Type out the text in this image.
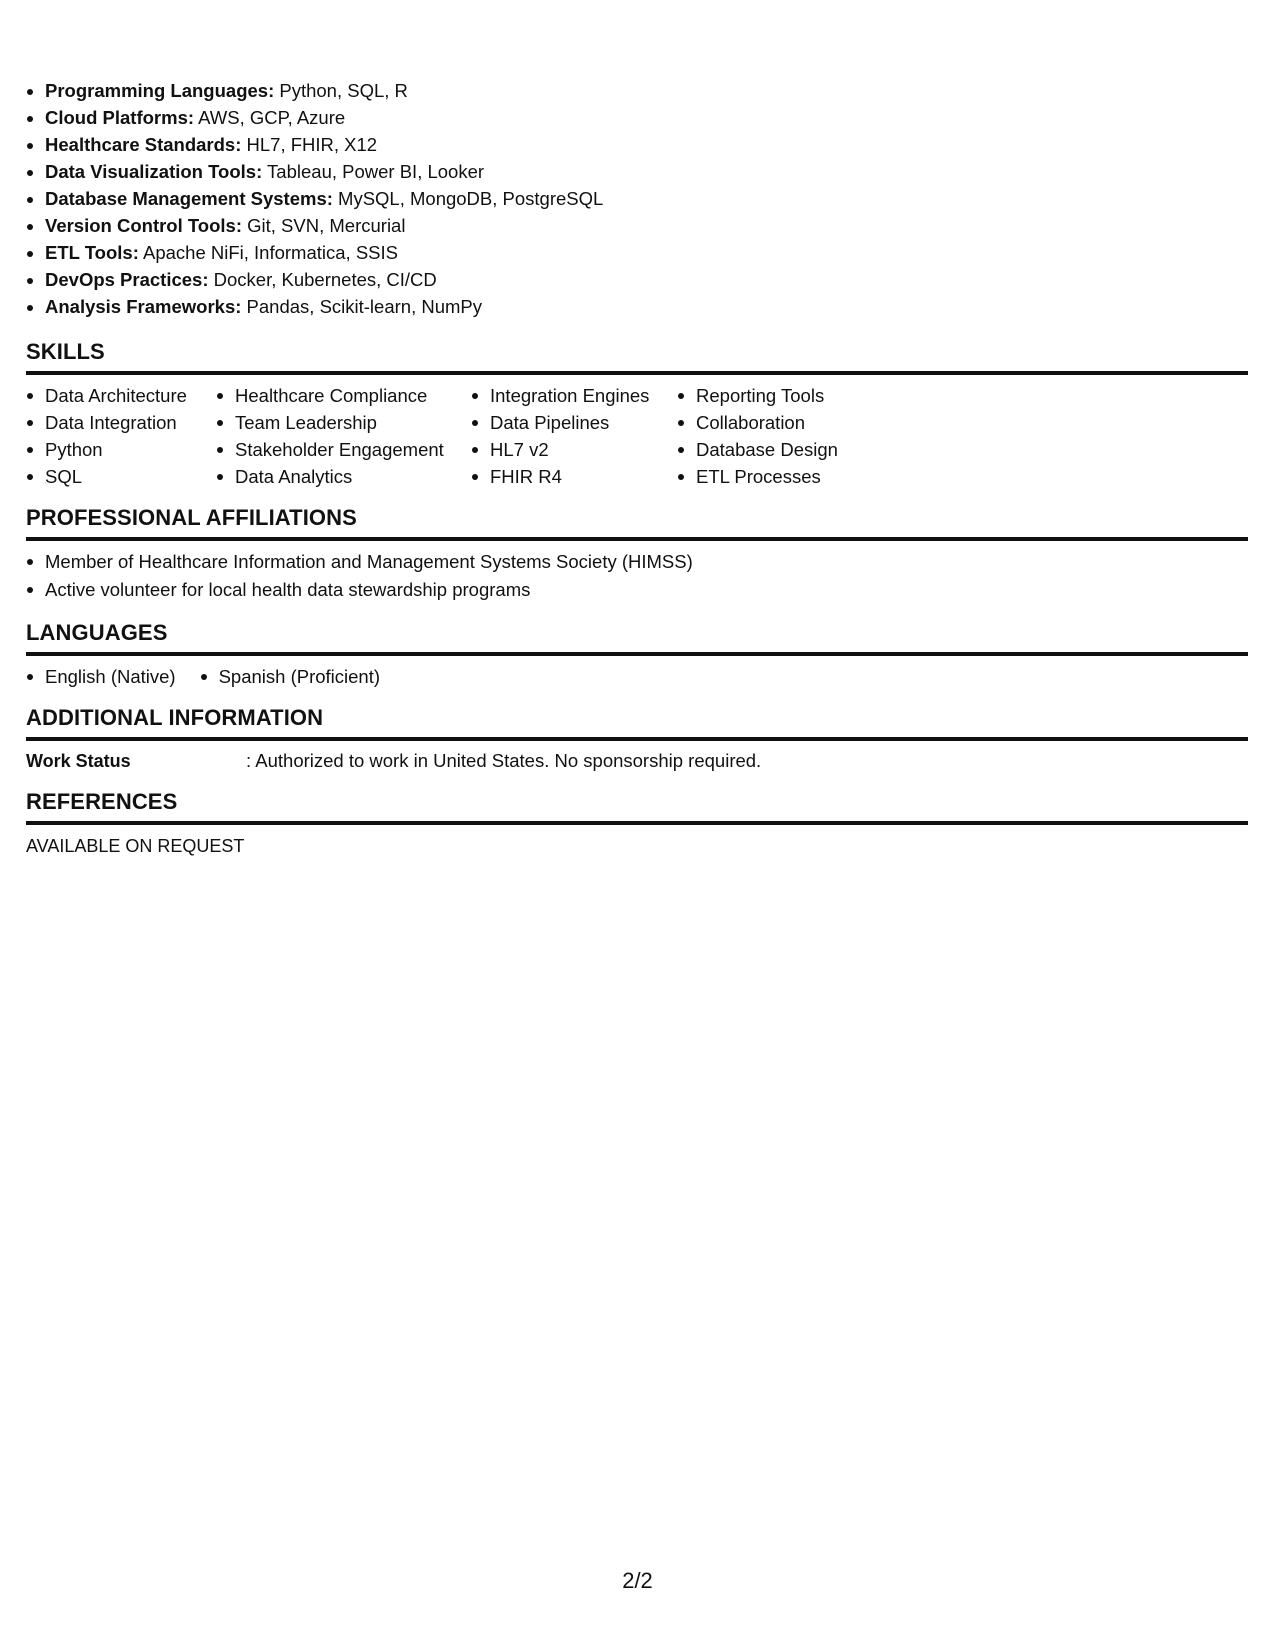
Programming Languages: Python, SQL, R
Cloud Platforms: AWS, GCP, Azure
Healthcare Standards: HL7, FHIR, X12
Data Visualization Tools: Tableau, Power BI, Looker
Database Management Systems: MySQL, MongoDB, PostgreSQL
Version Control Tools: Git, SVN, Mercurial
ETL Tools: Apache NiFi, Informatica, SSIS
DevOps Practices: Docker, Kubernetes, CI/CD
Analysis Frameworks: Pandas, Scikit-learn, NumPy
SKILLS
Data Architecture
Data Integration
Python
SQL
Healthcare Compliance
Team Leadership
Stakeholder Engagement
Data Analytics
Integration Engines
Data Pipelines
HL7 v2
FHIR R4
Reporting Tools
Collaboration
Database Design
ETL Processes
PROFESSIONAL AFFILIATIONS
Member of Healthcare Information and Management Systems Society (HIMSS)
Active volunteer for local health data stewardship programs
LANGUAGES
English (Native)	Spanish (Proficient)
ADDITIONAL INFORMATION
Work Status	: Authorized to work in United States. No sponsorship required.
REFERENCES
AVAILABLE ON REQUEST
2/2
